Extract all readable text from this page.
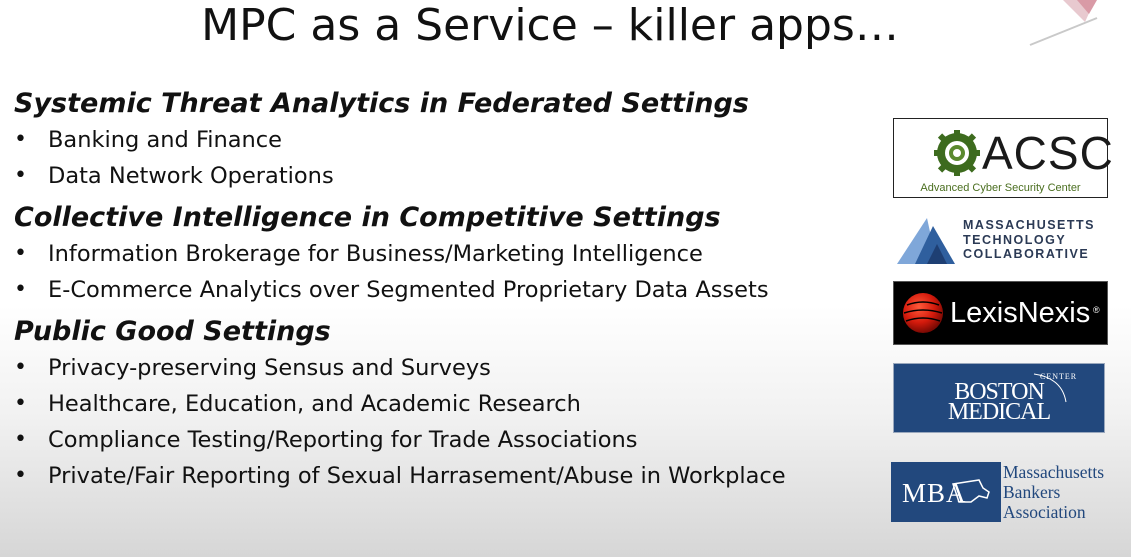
MPC as a Service – killer apps…
Systemic Threat Analytics in Federated Settings
• Banking and Finance
• Data Network Operations
Collective Intelligence in Competitive Settings
• Information Brokerage for Business/Marketing Intelligence
• E-Commerce Analytics over Segmented Proprietary Data Assets
Public Good Settings
• Privacy-preserving Sensus and Surveys
• Healthcare, Education, and Academic Research
• Compliance Testing/Reporting for Trade Associations
• Private/Fair Reporting of Sexual Harrasement/Abuse in Workplace
ACSC
Advanced Cyber Security Center
MASSACHUSETTS
TECHNOLOGY
COLLABORATIVE
LexisNexis ®
CENTER
BOSTON
MEDICAL
MBA
Massachusetts
Bankers
Association
